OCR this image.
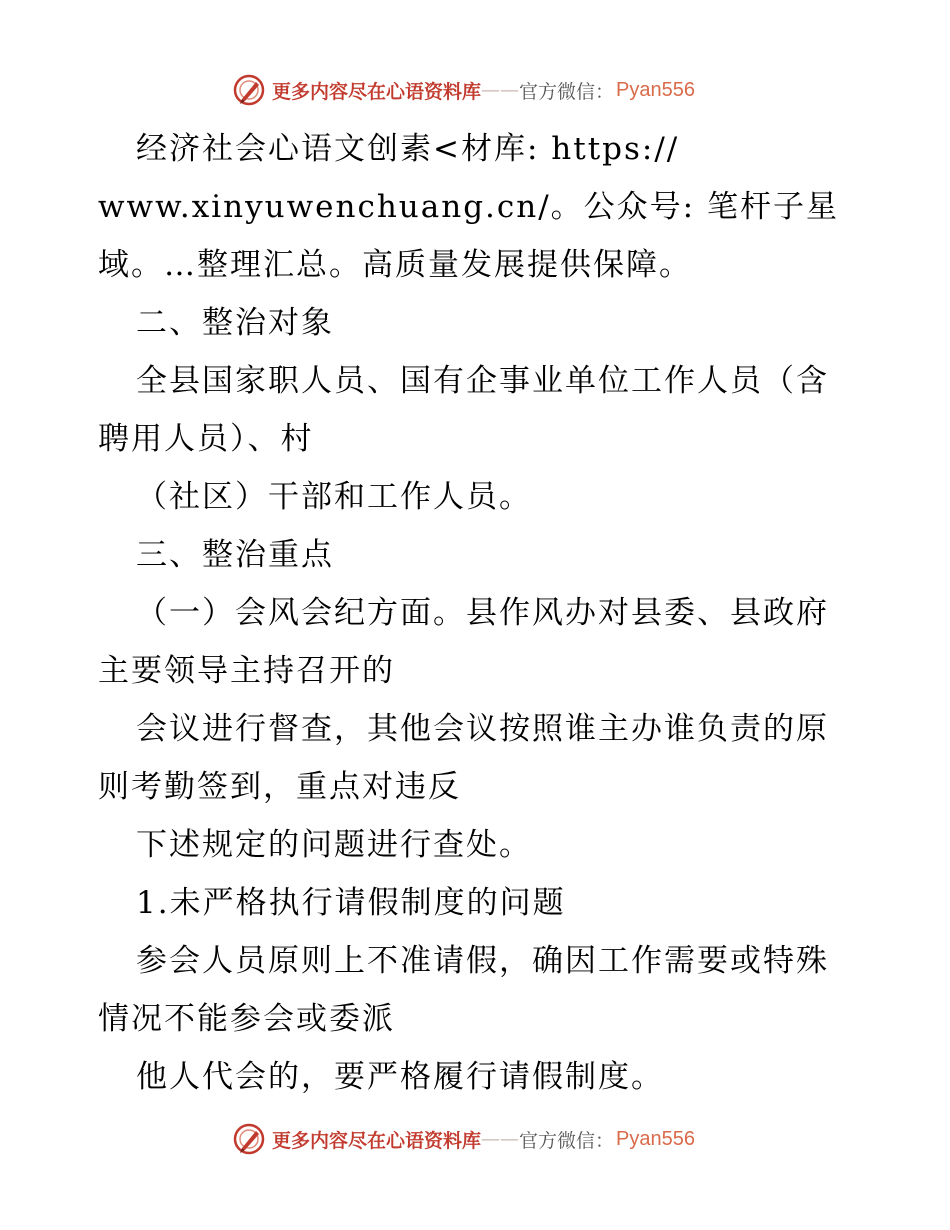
更多内容尽在心语资料库 —— 官方微信： Pyan556
经济社会心语文创素<材库: https://
www.xinyuwenchuang.cn/。公众号: 笔杆子星
域。…整理汇总。高质量发展提供保障。
二、整治对象
全县国家职人员、国有企事业单位工作人员（含
聘用人员）、村
（社区）干部和工作人员。
三、整治重点
（一）会风会纪方面。县作风办对县委、县政府
主要领导主持召开的
会议进行督查，其他会议按照谁主办谁负责的原
则考勤签到，重点对违反
下述规定的问题进行查处。
1.未严格执行请假制度的问题
参会人员原则上不准请假，确因工作需要或特殊
情况不能参会或委派
他人代会的，要严格履行请假制度。
更多内容尽在心语资料库 —— 官方微信： Pyan556
